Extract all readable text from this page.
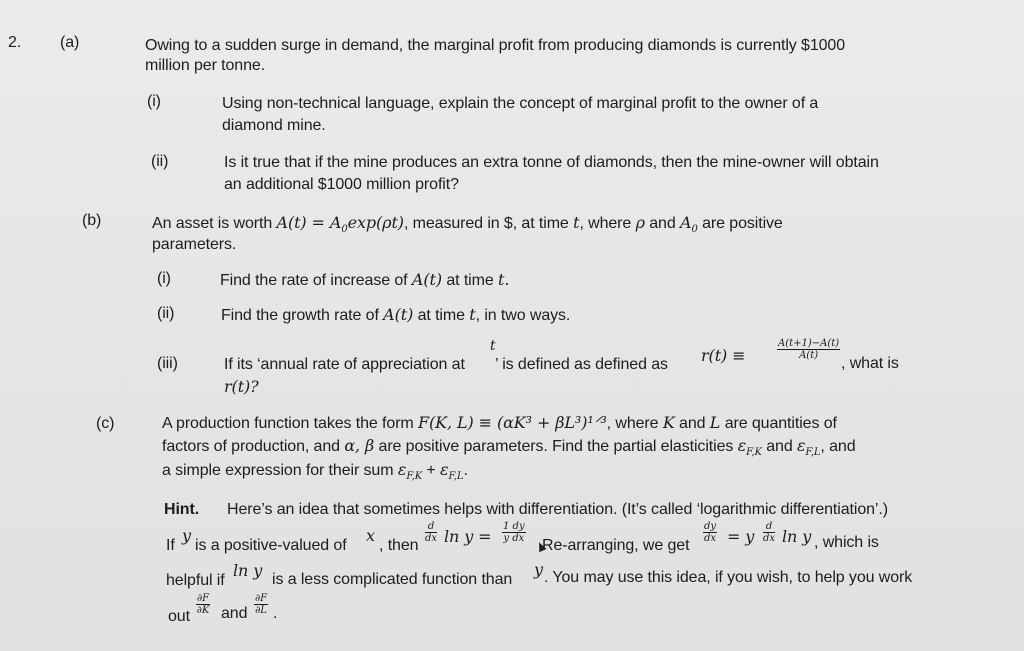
2. (a)	Owing to a sudden surge in demand, the marginal profit from producing diamonds is currently $1000
million per tonne.
(i)	Using non-technical language, explain the concept of marginal profit to the owner of a
diamond mine.
(ii)	Is it true that if the mine produces an extra tonne of diamonds, then the mine-owner will obtain
an additional $1000 million profit?
(b)	An asset is worth $A(t) = A_0\exp(\rho t)$, measured in $, at time t, where ρ and $A_0$ are positive
parameters.
(i)	Find the rate of increase of A(t) at time t.
(ii)	Find the growth rate of A(t) at time t, in two ways.
(iii)	If its ‘annual rate of appreciation at
t
’ is defined as defined as r(t) ≡	$\frac{A(t+1)-A(t)}{A(t)}$
, what is
r(t)?
(c)	A production function takes the form F(K, L) ≡ (αK³ + βL³)¹ᐟ³, where K and L are quantities of
factors of production, and α, β are positive parameters. Find the partial elasticities $\varepsilon_{F,K}$ and $\varepsilon_{F,L}$, and
a simple expression for their sum $\varepsilon_{F,K} + \varepsilon_{F,L}$.
Hint. Here’s an idea that sometimes helps with differentiation. (It’s called ‘logarithmic differentiation’.)
If
y
is a positive-valued of
x
, then
$\frac{d}{dx}$ $\ln y = \frac{1 dy}{\text{y dx}}$
Re-arranging, we get
$\frac{dy}{dx} = y \frac{d}{dx}$ ln y , which is
helpful if
ln y is a less complicated function than
y . You may use this idea, if you wish, to help you work
out
$\frac{\partial F}{\partial K}$ and $\frac{\partial F}{\partial L}$ .
